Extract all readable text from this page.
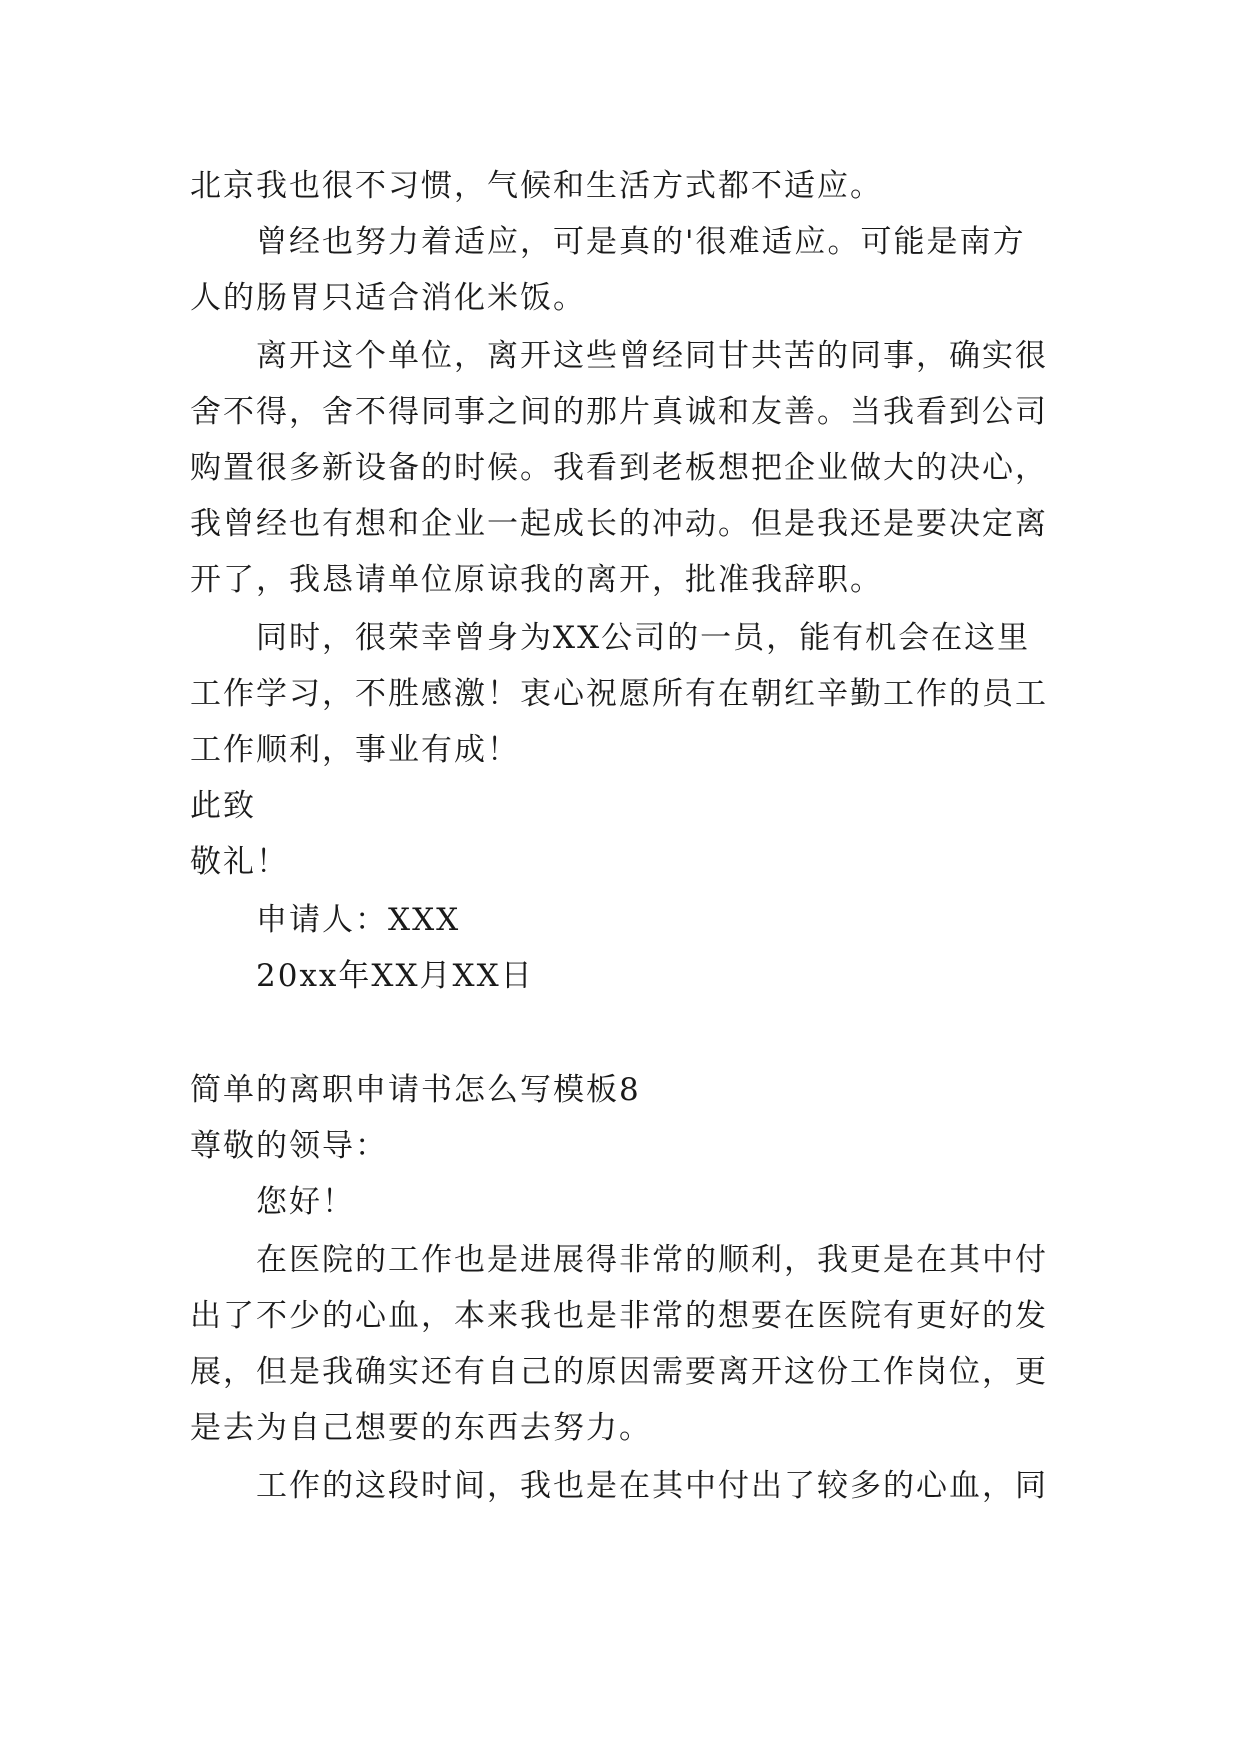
北京我也很不习惯，气候和生活方式都不适应。
曾经也努力着适应，可是真的'很难适应。可能是南方
人的肠胃只适合消化米饭。
离开这个单位，离开这些曾经同甘共苦的同事，确实很
舍不得，舍不得同事之间的那片真诚和友善。当我看到公司
购置很多新设备的时候。我看到老板想把企业做大的决心，
我曾经也有想和企业一起成长的冲动。但是我还是要决定离
开了，我恳请单位原谅我的离开，批准我辞职。
同时，很荣幸曾身为XX公司的一员，能有机会在这里
工作学习，不胜感激！衷心祝愿所有在朝红辛勤工作的员工
工作顺利，事业有成！
此致
敬礼！
申请人：XXX
20xx年XX月XX日
简单的离职申请书怎么写模板8
尊敬的领导：
您好！
在医院的工作也是进展得非常的顺利，我更是在其中付
出了不少的心血，本来我也是非常的想要在医院有更好的发
展，但是我确实还有自己的原因需要离开这份工作岗位，更
是去为自己想要的东西去努力。
工作的这段时间，我也是在其中付出了较多的心血，同
